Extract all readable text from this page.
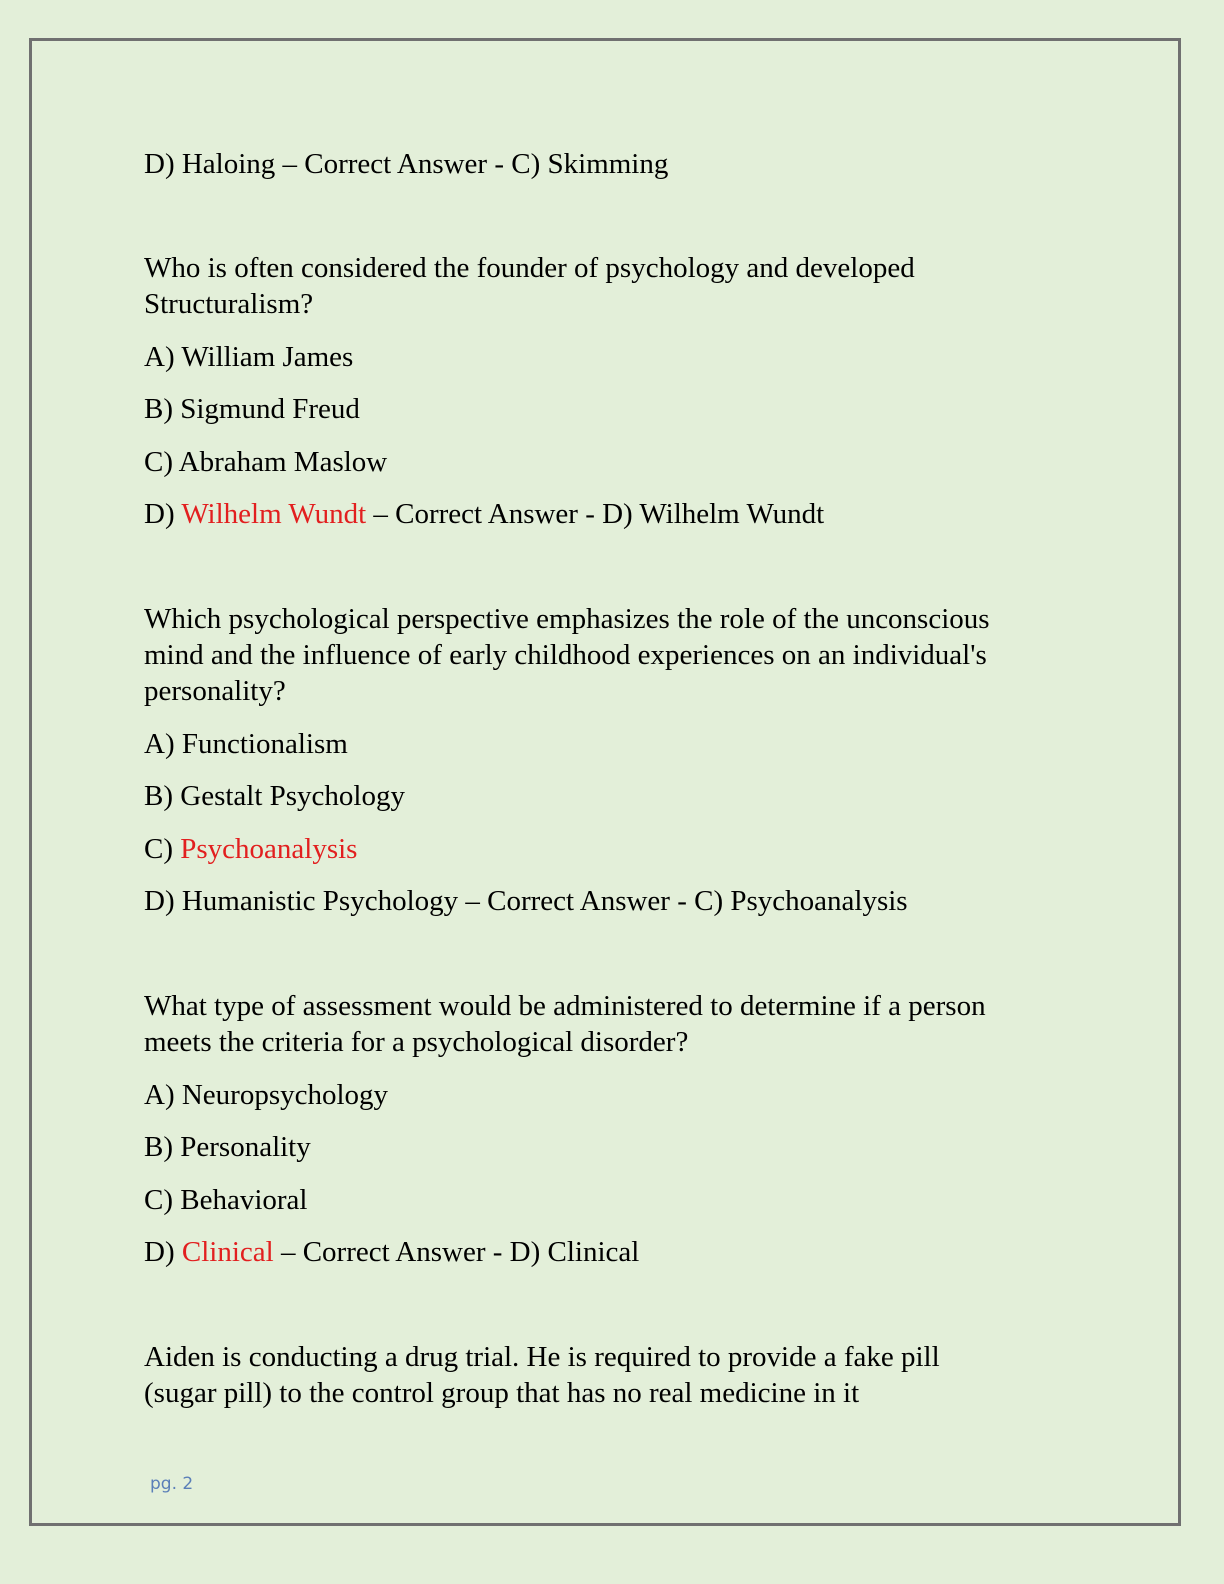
D) Haloing – Correct Answer - C) Skimming
Who is often considered the founder of psychology and developed
Structuralism?
A) William James
B) Sigmund Freud
C) Abraham Maslow
D) Wilhelm Wundt – Correct Answer - D) Wilhelm Wundt
Which psychological perspective emphasizes the role of the unconscious
mind and the influence of early childhood experiences on an individual's
personality?
A) Functionalism
B) Gestalt Psychology
C) Psychoanalysis
D) Humanistic Psychology – Correct Answer - C) Psychoanalysis
What type of assessment would be administered to determine if a person
meets the criteria for a psychological disorder?
A) Neuropsychology
B) Personality
C) Behavioral
D) Clinical – Correct Answer - D) Clinical
Aiden is conducting a drug trial. He is required to provide a fake pill
(sugar pill) to the control group that has no real medicine in it
pg. 2
